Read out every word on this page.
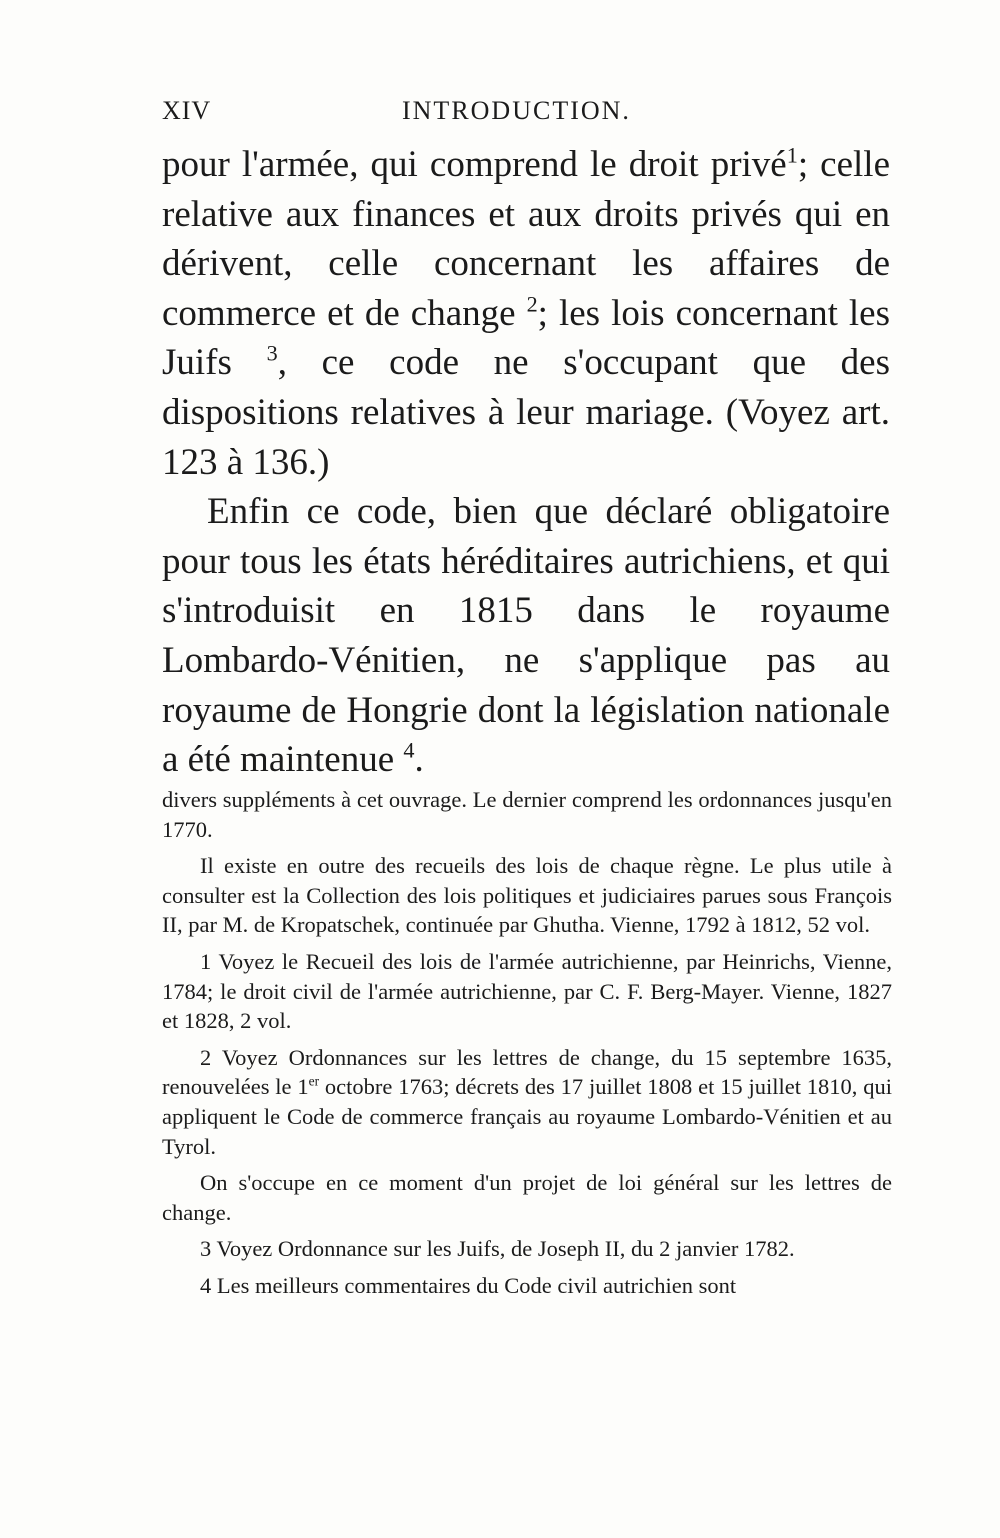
XIV	INTRODUCTION.

pour l'armée, qui comprend le droit privé$^1$; celle relative aux finances et aux droits privés qui en dérivent, celle concernant les affaires de commerce et de change $^2$; les lois concernant les Juifs $^3$, ce code ne s'occupant que des dispositions relatives à leur mariage. (Voyez art. 123 à 136.)

Enfin ce code, bien que déclaré obligatoire pour tous les états héréditaires autrichiens, et qui s'introduisit en 1815 dans le royaume Lombardo-Vénitien, ne s'applique pas au royaume de Hongrie dont la législation nationale a été maintenue $^4$.

divers suppléments à cet ouvrage. Le dernier comprend les ordonnances jusqu'en 1770.

Il existe en outre des recueils des lois de chaque règne. Le plus utile à consulter est la Collection des lois politiques et judiciaires parues sous François II, par M. de Kropatschek, continuée par Ghutha. Vienne, 1792 à 1812, 52 vol.

1 Voyez le Recueil des lois de l'armée autrichienne, par Heinrichs, Vienne, 1784; le droit civil de l'armée autrichienne, par C. F. Berg-Mayer. Vienne, 1827 et 1828, 2 vol.

2 Voyez Ordonnances sur les lettres de change, du 15 septembre 1635, renouvelées le 1er octobre 1763; décrets des 17 juillet 1808 et 15 juillet 1810, qui appliquent le Code de commerce français au royaume Lombardo-Vénitien et au Tyrol.

On s'occupe en ce moment d'un projet de loi général sur les lettres de change.

3 Voyez Ordonnance sur les Juifs, de Joseph II, du 2 janvier 1782.

4 Les meilleurs commentaires du Code civil autrichien sont
